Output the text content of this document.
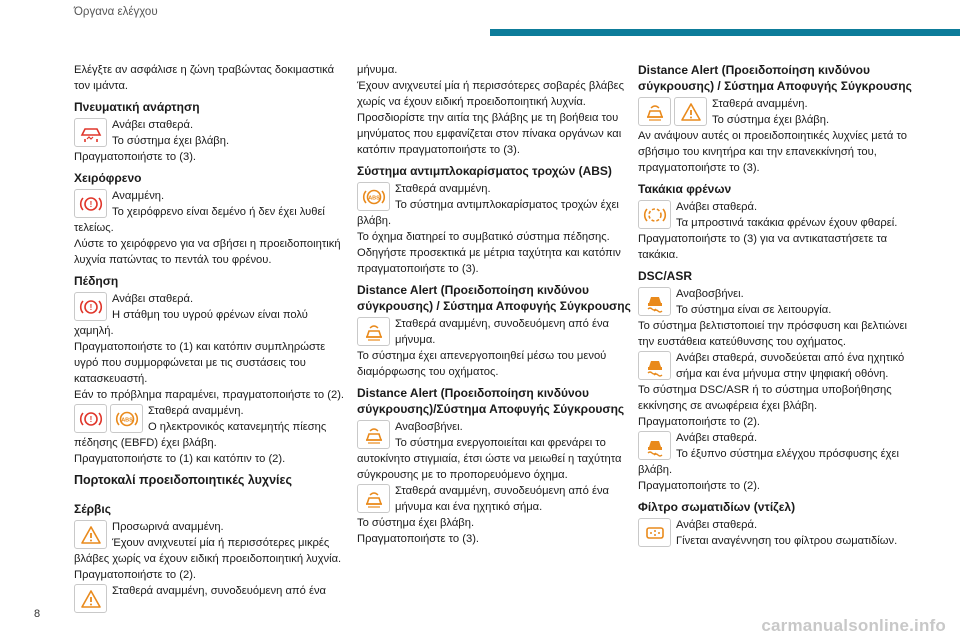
Όργανα ελέγχου

Ελέγξτε αν ασφάλισε η ζώνη τραβώντας δοκιμαστικά τον ιμάντα.

Πνευματική ανάρτηση

Ανάβει σταθερά.

Το σύστημα έχει βλάβη.

Πραγματοποιήστε το (3).

Χειρόφρενο
!

Αναμμένη.

Το χειρόφρενο είναι δεμένο ή δεν έχει λυθεί τελείως.

Λύστε το χειρόφρενο για να σβήσει η προειδοποιητική λυχνία πατώντας το πεντάλ του φρένου.

Πέδηση
!

Ανάβει σταθερά.

Η στάθμη του υγρού φρένων είναι πολύ χαμηλή.

Πραγματοποιήστε το (1) και κατόπιν συμπληρώστε υγρό που συμμορφώνεται με τις συστάσεις του κατασκευαστή.

Εάν το πρόβλημα παραμένει, πραγματοποιήστε το (2).

!	ABS

Σταθερά αναμμένη.

Ο ηλεκτρονικός κατανεμητής πίεσης πέδησης (EBFD) έχει βλάβη.

Πραγματοποιήστε το (1) και κατόπιν το (2).

Πορτοκαλί προειδοποιητικές λυχνίες
Σέρβις

Προσωρινά αναμμένη.

Έχουν ανιχνευτεί μία ή περισσότερες μικρές βλάβες χωρίς να έχουν ειδική προειδοποιητική λυχνία.

Πραγματοποιήστε το (2).

Σταθερά αναμμένη, συνοδευόμενη από ένα

μήνυμα.

Έχουν ανιχνευτεί μία ή περισσότερες σοβαρές βλάβες χωρίς να έχουν ειδική προειδοποιητική λυχνία.

Προσδιορίστε την αιτία της βλάβης με τη βοήθεια του μηνύματος που εμφανίζεται στον πίνακα οργάνων και κατόπιν πραγματοποιήστε το (3).

Σύστημα αντιμπλοκαρίσματος τροχών (ABS)
ABS

Σταθερά αναμμένη.

Το σύστημα αντιμπλοκαρίσματος τροχών έχει βλάβη.

Το όχημα διατηρεί το συμβατικό σύστημα πέδησης.

Οδηγήστε προσεκτικά με μέτρια ταχύτητα και κατόπιν πραγματοποιήστε το (3).

Distance Alert (Προειδοποίηση κινδύνου σύγκρουσης) / Σύστημα Αποφυγής Σύγκρουσης

Σταθερά αναμμένη, συνοδευόμενη από ένα μήνυμα.

Το σύστημα έχει απενεργοποιηθεί μέσω του μενού διαμόρφωσης του οχήματος.

Distance Alert (Προειδοποίηση κινδύνου σύγκρουσης)/Σύστημα Αποφυγής Σύγκρουσης

Αναβοσβήνει.

Το σύστημα ενεργοποιείται και φρενάρει το αυτοκίνητο στιγμιαία, έτσι ώστε να μειωθεί η ταχύτητα σύγκρουσης με το προπορευόμενο όχημα.

Σταθερά αναμμένη, συνοδευόμενη από ένα μήνυμα και ένα ηχητικό σήμα.

Το σύστημα έχει βλάβη.

Πραγματοποιήστε το (3).

Distance Alert (Προειδοποίηση κινδύνου σύγκρουσης) / Σύστημα Αποφυγής Σύγκρουσης

Σταθερά αναμμένη.

Το σύστημα έχει βλάβη.

Αν ανάψουν αυτές οι προειδοποιητικές λυχνίες μετά το σβήσιμο του κινητήρα και την επανεκκίνησή του, πραγματοποιήστε το (3).

Τακάκια φρένων

Ανάβει σταθερά.

Τα μπροστινά τακάκια φρένων έχουν φθαρεί.

Πραγματοποιήστε το (3) για να αντικαταστήσετε τα τακάκια.

DSC/ASR

Αναβοσβήνει.

Το σύστημα είναι σε λειτουργία.

Το σύστημα βελτιστοποιεί την πρόσφυση και βελτιώνει την ευστάθεια κατεύθυνσης του οχήματος.

Ανάβει σταθερά, συνοδεύεται από ένα ηχητικό σήμα και ένα μήνυμα στην ψηφιακή οθόνη.

Το σύστημα DSC/ASR ή το σύστημα υποβοήθησης εκκίνησης σε ανωφέρεια έχει βλάβη.

Πραγματοποιήστε το (2).

Ανάβει σταθερά.

Το έξυπνο σύστημα ελέγχου πρόσφυσης έχει βλάβη.

Πραγματοποιήστε το (2).

Φίλτρο σωματιδίων (ντίζελ)

Ανάβει σταθερά.

Γίνεται αναγέννηση του φίλτρου σωματιδίων.

8
carmanualsonline.info
